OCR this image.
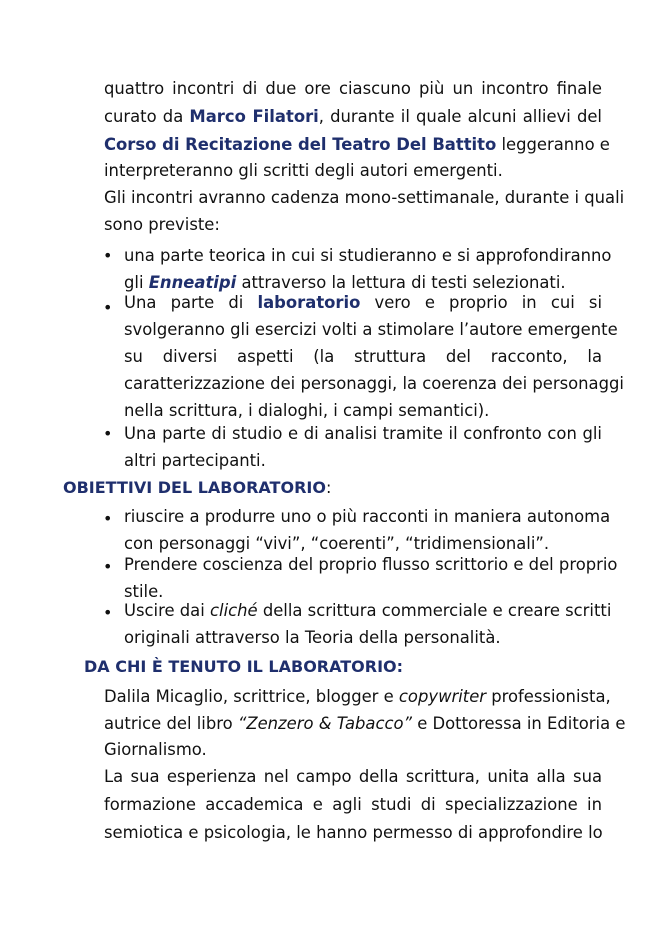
quattro incontri di due ore ciascuno più un incontro finale
curato da Marco Filatori, durante il quale alcuni allievi del
Corso di Recitazione del Teatro Del Battito leggeranno e
interpreteranno gli scritti degli autori emergenti.
Gli incontri avranno cadenza mono-settimanale, durante i quali
sono previste:
• una parte teorica in cui si studieranno e si approfondiranno
gli Enneatipi attraverso la lettura di testi selezionati.
• Una parte di laboratorio vero e proprio in cui si
svolgeranno gli esercizi volti a stimolare l’autore emergente
su diversi aspetti (la struttura del racconto, la
caratterizzazione dei personaggi, la coerenza dei personaggi
nella scrittura, i dialoghi, i campi semantici).
• Una parte di studio e di analisi tramite il confronto con gli
altri partecipanti.
OBIETTIVI DEL LABORATORIO:
• riuscire a produrre uno o più racconti in maniera autonoma
con personaggi “vivi”, “coerenti”, “tridimensionali”.
• Prendere coscienza del proprio flusso scrittorio e del proprio
stile.
• Uscire dai cliché della scrittura commerciale e creare scritti
originali attraverso la Teoria della personalità.
DA CHI È TENUTO IL LABORATORIO:
Dalila Micaglio, scrittrice, blogger e copywriter professionista,
autrice del libro “Zenzero & Tabacco” e Dottoressa in Editoria e
Giornalismo.
La sua esperienza nel campo della scrittura, unita alla sua
formazione accademica e agli studi di specializzazione in
semiotica e psicologia, le hanno permesso di approfondire lo
